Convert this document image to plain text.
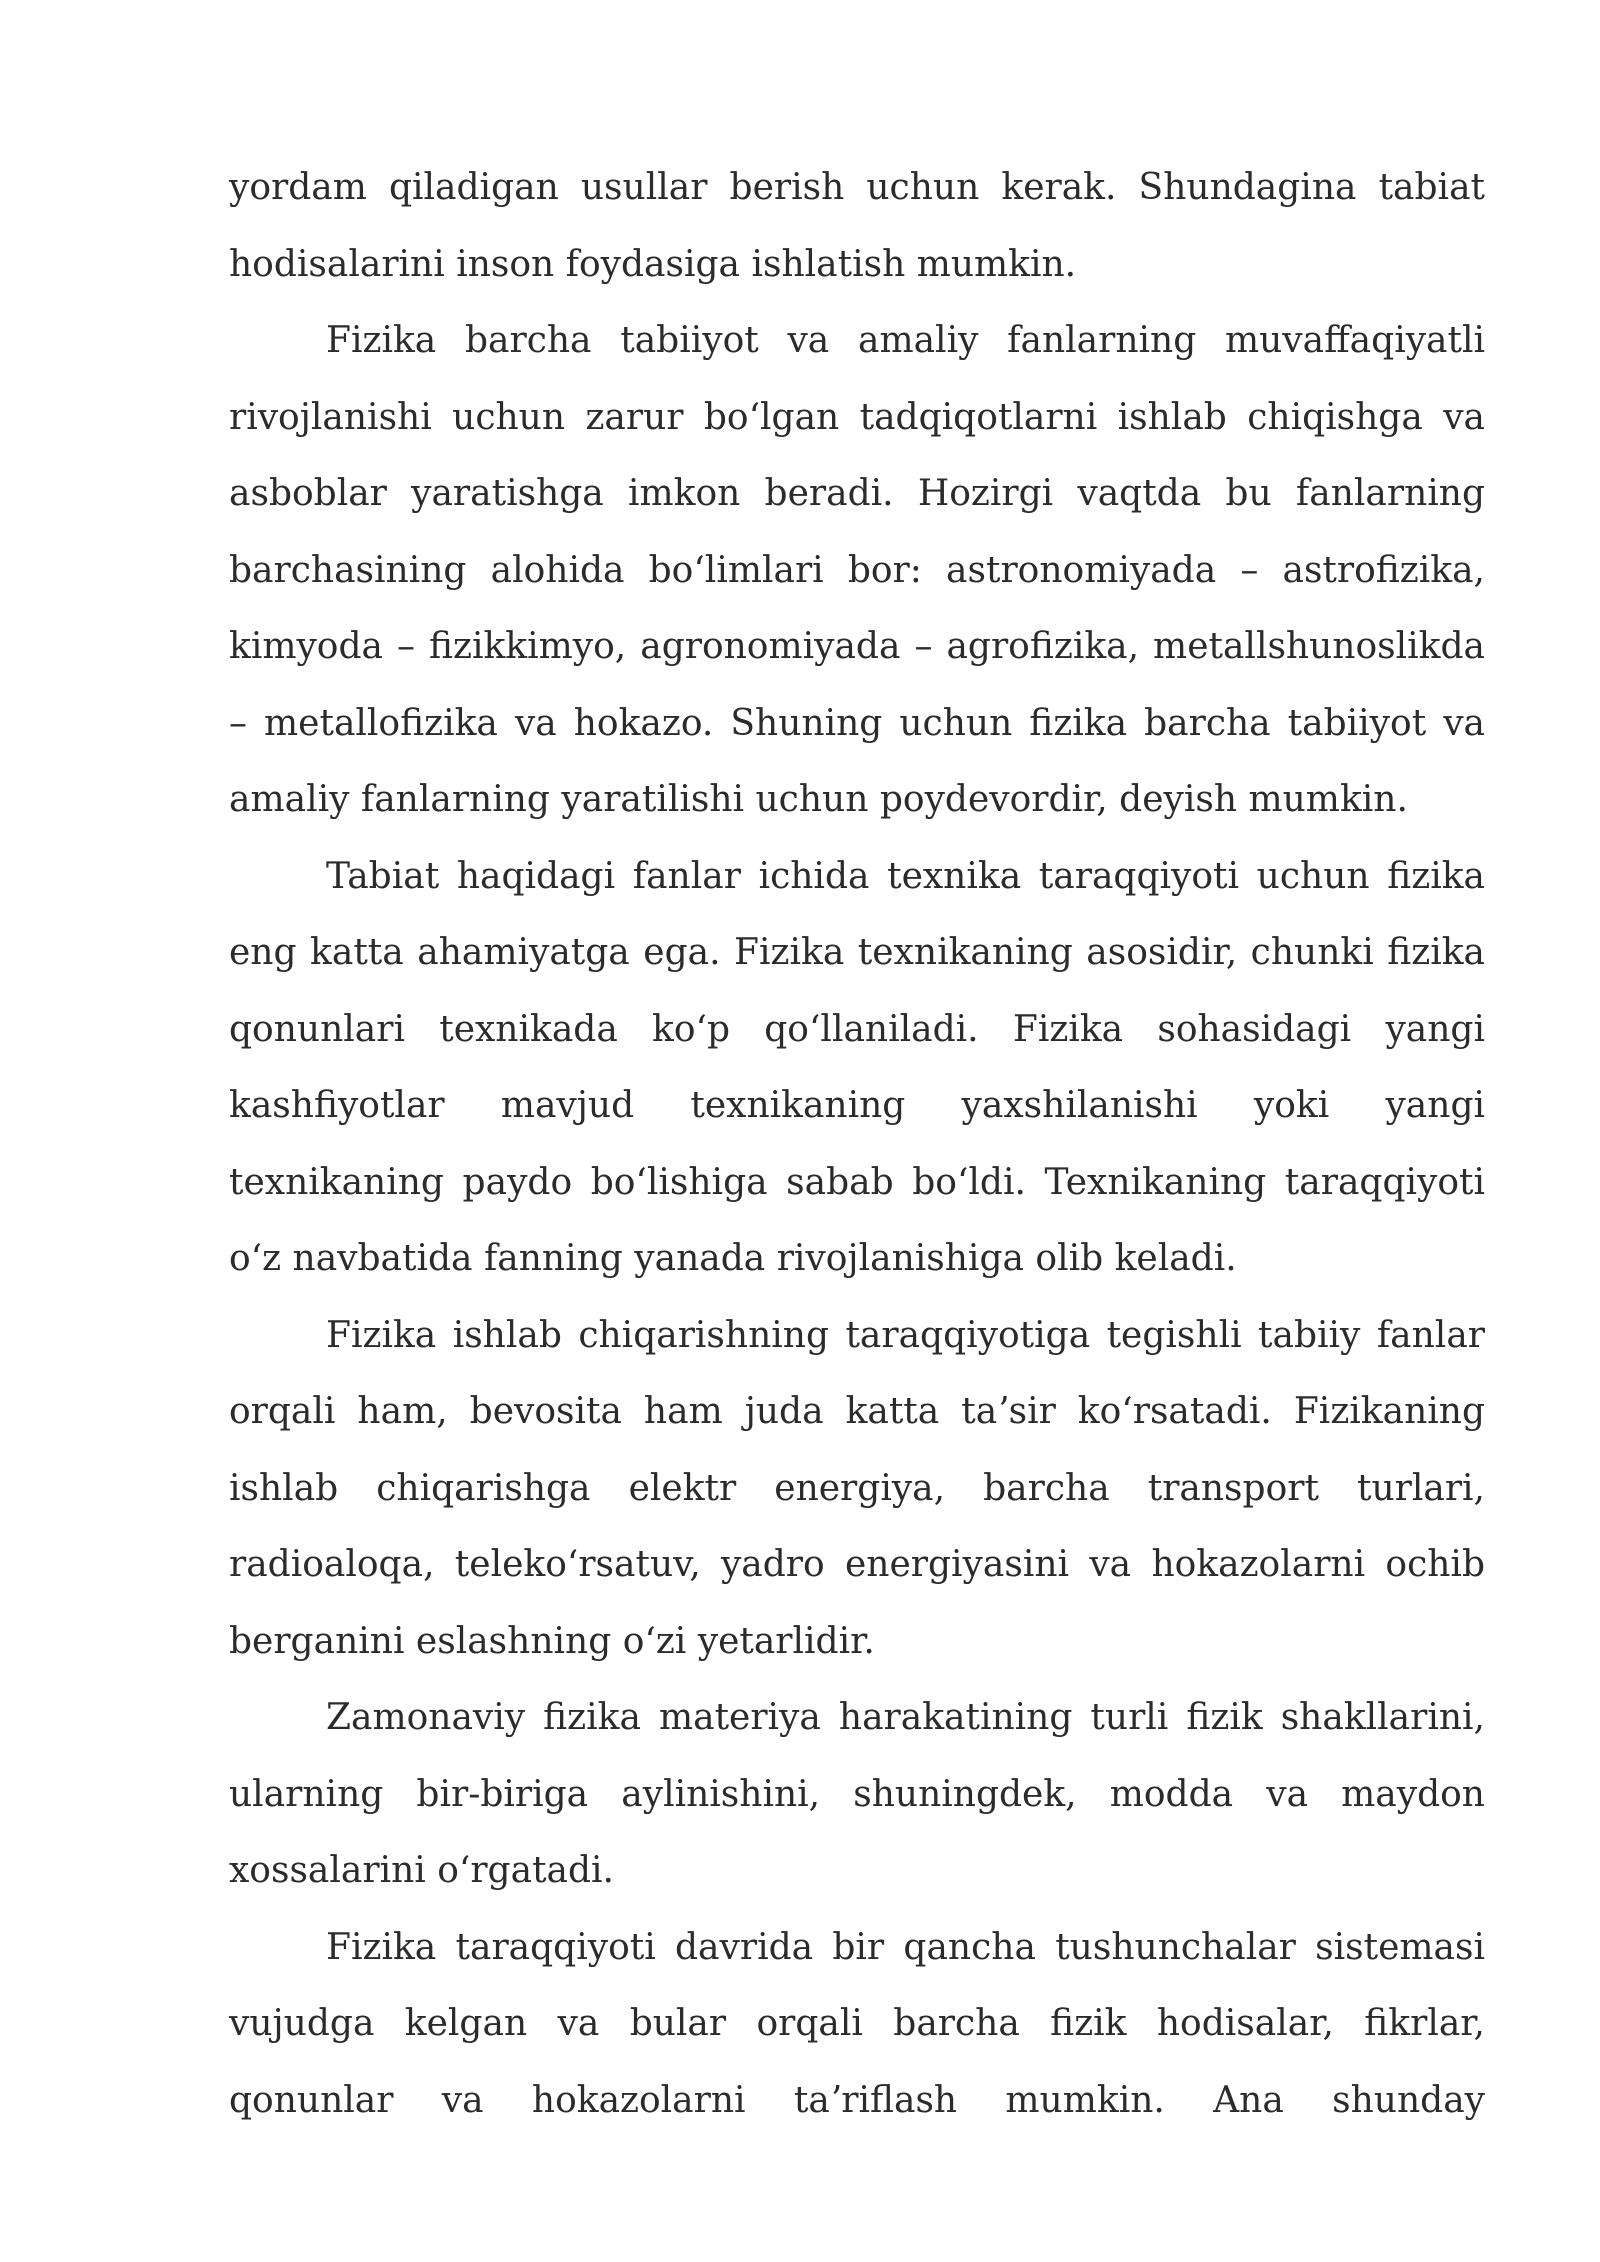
yordam qiladigan usullar berish uchun kerak. Shundagina tabiat hodisalarini inson foydasiga ishlatish mumkin.

Fizika barcha tabiiyot va amaliy fanlarning muvaffaqiyatli rivojlanishi uchun zarur boʻlgan tadqiqotlarni ishlab chiqishga va asboblar yaratishga imkon beradi. Hozirgi vaqtda bu fanlarning barchasining alohida boʻlimlari bor: astronomiyada – astrofizika, kimyoda – fizikkimyo, agronomiyada – agrofizika, metallshunoslikda – metallofizika va hokazo. Shuning uchun fizika barcha tabiiyot va amaliy fanlarning yaratilishi uchun poydevordir, deyish mumkin.

Tabiat haqidagi fanlar ichida texnika taraqqiyoti uchun fizika eng katta ahamiyatga ega. Fizika texnikaning asosidir, chunki fizika qonunlari texnikada koʻp qoʻllaniladi. Fizika sohasidagi yangi kashfiyotlar mavjud texnikaning yaxshilanishi yoki yangi texnikaning paydo boʻlishiga sabab boʻldi. Texnikaning taraqqiyoti oʻz navbatida fanning yanada rivojlanishiga olib keladi.

Fizika ishlab chiqarishning taraqqiyotiga tegishli tabiiy fanlar orqali ham, bevosita ham juda katta taʼsir koʻrsatadi. Fizikaning ishlab chiqarishga elektr energiya, barcha transport turlari, radioaloqa, telekoʻrsatuv, yadro energiyasini va hokazolarni ochib berganini eslashning oʻzi yetarlidir.

Zamonaviy fizika materiya harakatining turli fizik shakllarini, ularning bir-biriga aylinishini, shuningdek, modda va maydon xossalarini oʻrgatadi.

Fizika taraqqiyoti davrida bir qancha tushunchalar sistemasi vujudga kelgan va bular orqali barcha fizik hodisalar, fikrlar, qonunlar va hokazolarni taʼriflash mumkin. Ana shunday
